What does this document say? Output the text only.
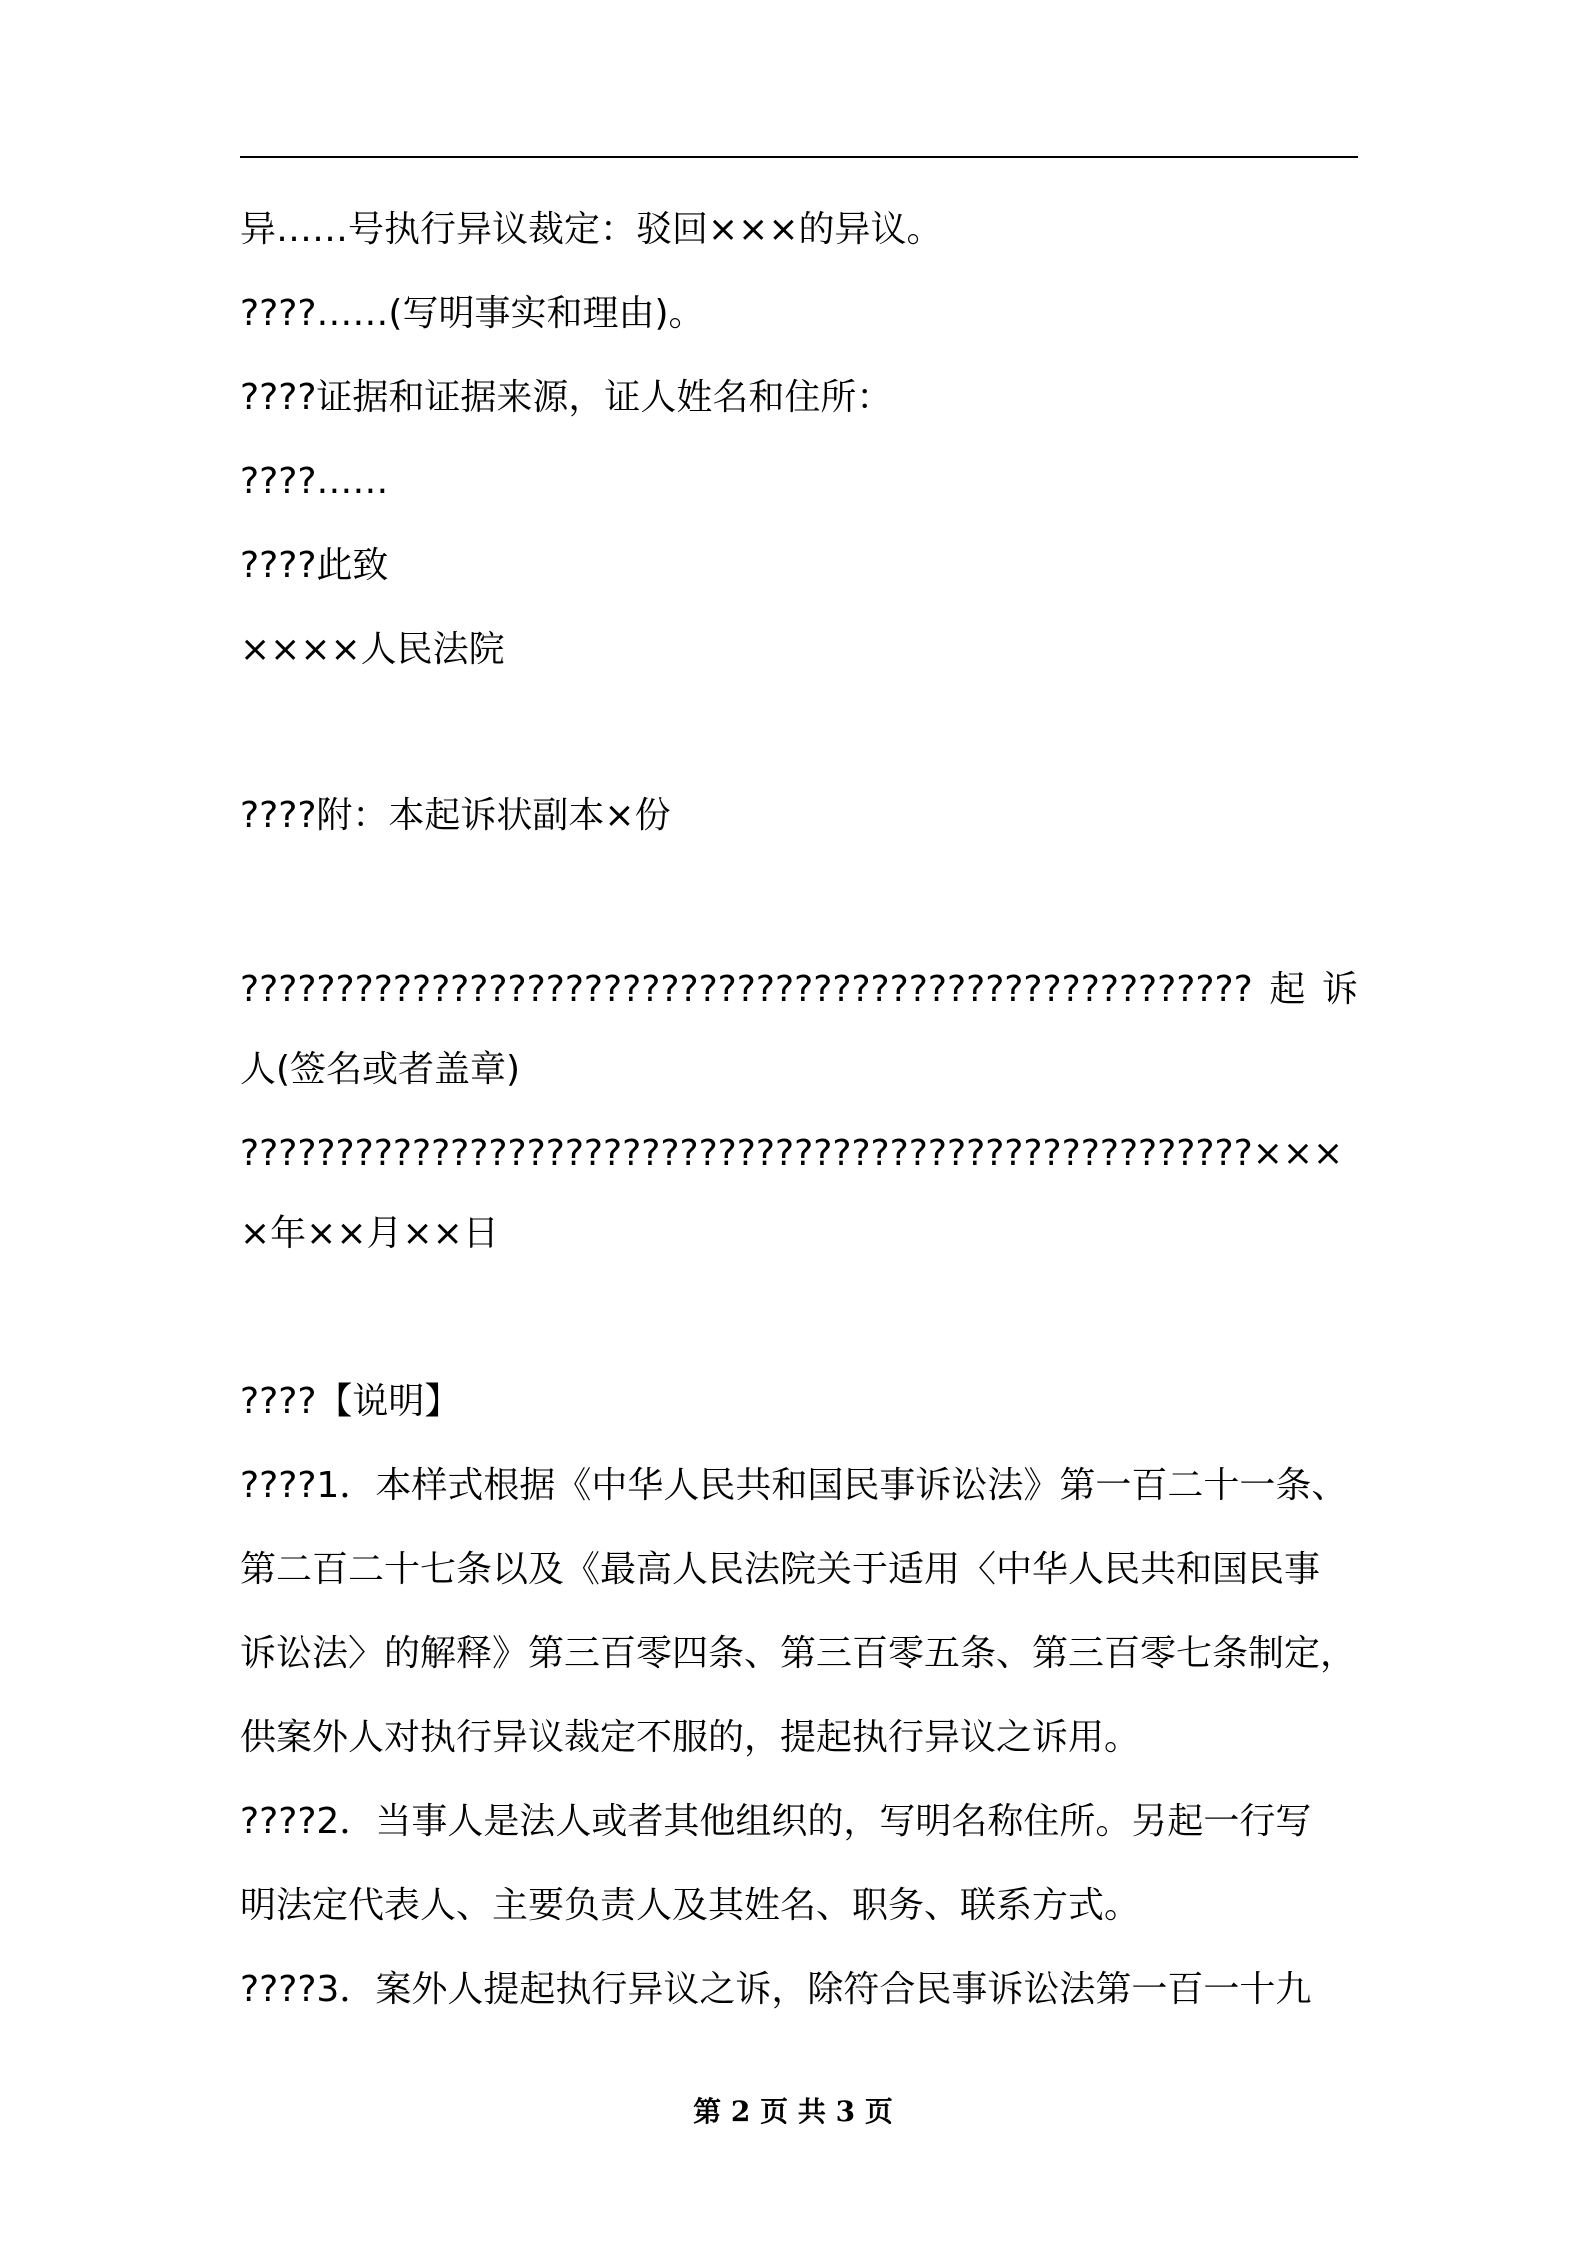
异……号执行异议裁定：驳回×××的异议。

????……(写明事实和理由)。

????证据和证据来源，证人姓名和住所：

????……

????此致

××××人民法院

????附：本起诉状副本×份

?????????????????????????????????????????????????????起诉

人(签名或者盖章)

?????????????????????????????????????????????????????×××

×年××月××日

????【说明】

????1．本样式根据《中华人民共和国民事诉讼法》第一百二十一条、

第二百二十七条以及《最高人民法院关于适用〈中华人民共和国民事

诉讼法〉的解释》第三百零四条、第三百零五条、第三百零七条制定，

供案外人对执行异议裁定不服的，提起执行异议之诉用。

????2．当事人是法人或者其他组织的，写明名称住所。另起一行写

明法定代表人、主要负责人及其姓名、职务、联系方式。

????3．案外人提起执行异议之诉，除符合民事诉讼法第一百一十九

第 2 页 共 3 页
